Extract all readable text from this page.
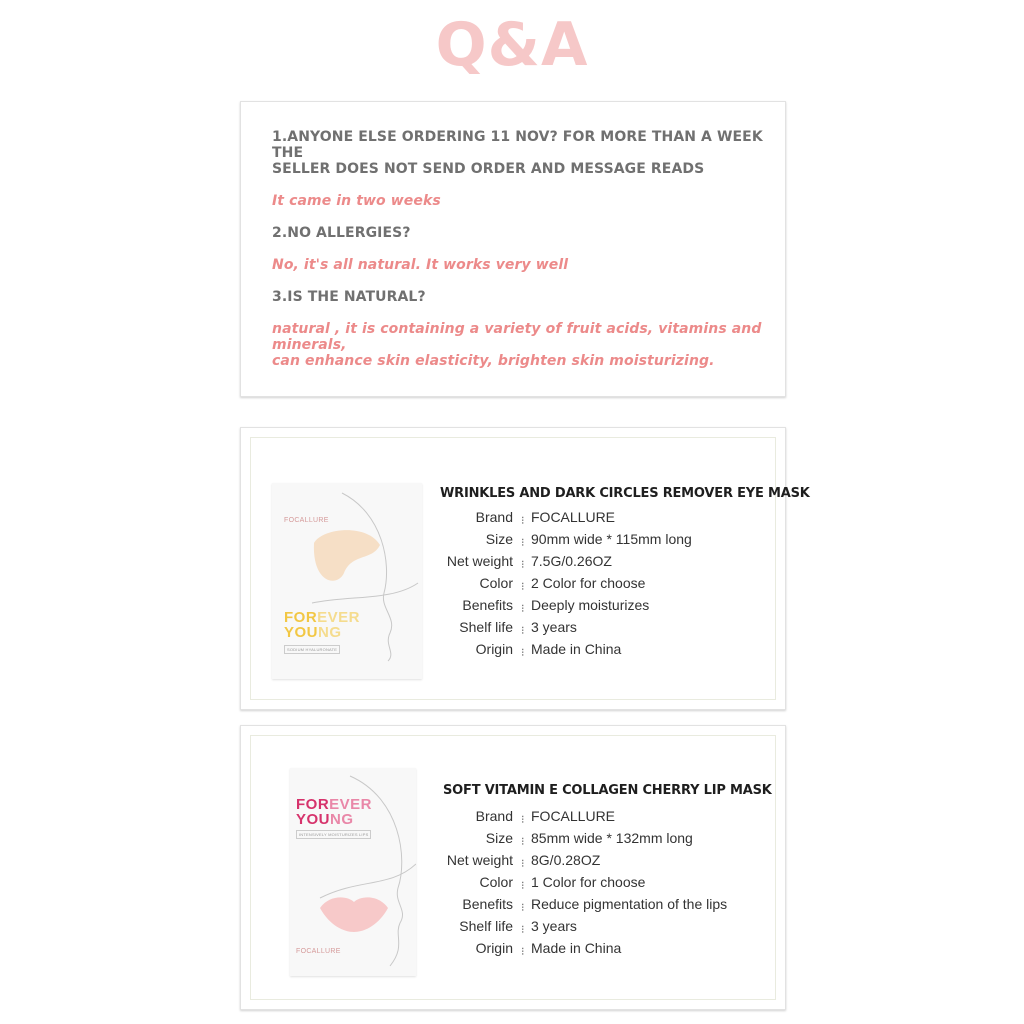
Q&A
1.ANYONE ELSE ORDERING 11 NOV? FOR MORE THAN A WEEK THE
SELLER DOES NOT SEND ORDER AND MESSAGE READS
It came in two weeks
2.NO ALLERGIES?
No, it's all natural. It works very well
3.IS THE NATURAL?
natural , it is containing a variety of fruit acids, vitamins and minerals,
can enhance skin elasticity, brighten skin moisturizing.
FOCALLURE
FOREVER
YOUNG
SODIUM HYALURONATE
WRINKLES AND DARK CIRCLES REMOVER EYE MASK
Brand ⁝ FOCALLURE
Size ⁝ 90mm wide * 115mm long
Net weight ⁝ 7.5G/0.26OZ
Color ⁝ 2 Color for choose
Benefits ⁝ Deeply moisturizes
Shelf life ⁝ 3 years
Origin ⁝ Made in China
FOREVER
YOUNG
INTENSIVELY MOISTURIZES LIPS
FOCALLURE
SOFT VITAMIN E COLLAGEN CHERRY LIP MASK
Brand ⁝ FOCALLURE
Size ⁝ 85mm wide * 132mm long
Net weight ⁝ 8G/0.28OZ
Color ⁝ 1 Color for choose
Benefits ⁝ Reduce pigmentation of the lips
Shelf life ⁝ 3 years
Origin ⁝ Made in China
